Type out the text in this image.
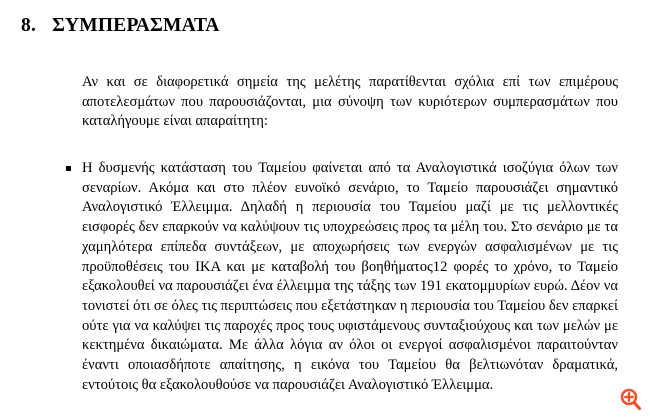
8. ΣΥΜΠΕΡΑΣΜΑΤΑ

Αν και σε διαφορετικά σημεία της μελέτης παρατίθενται σχόλια επί των επιμέρους αποτελεσμάτων που παρουσιάζονται, μια σύνοψη των κυριότερων συμπερασμάτων που καταλήγουμε είναι απαραίτητη:

Η δυσμενής κατάσταση του Ταμείου φαίνεται από τα Αναλογιστικά ισοζύγια όλων των σεναρίων. Ακόμα και στο πλέον ευνοϊκό σενάριο, το Ταμείο παρουσιάζει σημαντικό Αναλογιστικό Έλλειμμα. Δηλαδή η περιουσία του Ταμείου μαζί με τις μελλοντικές εισφορές δεν επαρκούν να καλύψουν τις υποχρεώσεις προς τα μέλη του. Στο σενάριο με τα χαμηλότερα επίπεδα συντάξεων, με αποχωρήσεις των ενεργών ασφαλισμένων με τις προϋποθέσεις του ΙΚΑ και με καταβολή του βοηθήματος12 φορές το χρόνο, το Ταμείο εξακολουθεί να παρουσιάζει ένα έλλειμμα της τάξης των 191 εκατομμυρίων ευρώ. Δέον να τονιστεί ότι σε όλες τις περιπτώσεις που εξετάστηκαν η περιουσία του Ταμείου δεν επαρκεί ούτε για να καλύψει τις παροχές προς τους υφιστάμενους συνταξιούχους και των μελών με κεκτημένα δικαιώματα. Με άλλα λόγια αν όλοι οι ενεργοί ασφαλισμένοι παραιτούνταν έναντι οποιασδήποτε απαίτησης, η εικόνα του Ταμείου θα βελτιωνόταν δραματικά, εντούτοις θα εξακολουθούσε να παρουσιάζει Αναλογιστικό Έλλειμμα.
